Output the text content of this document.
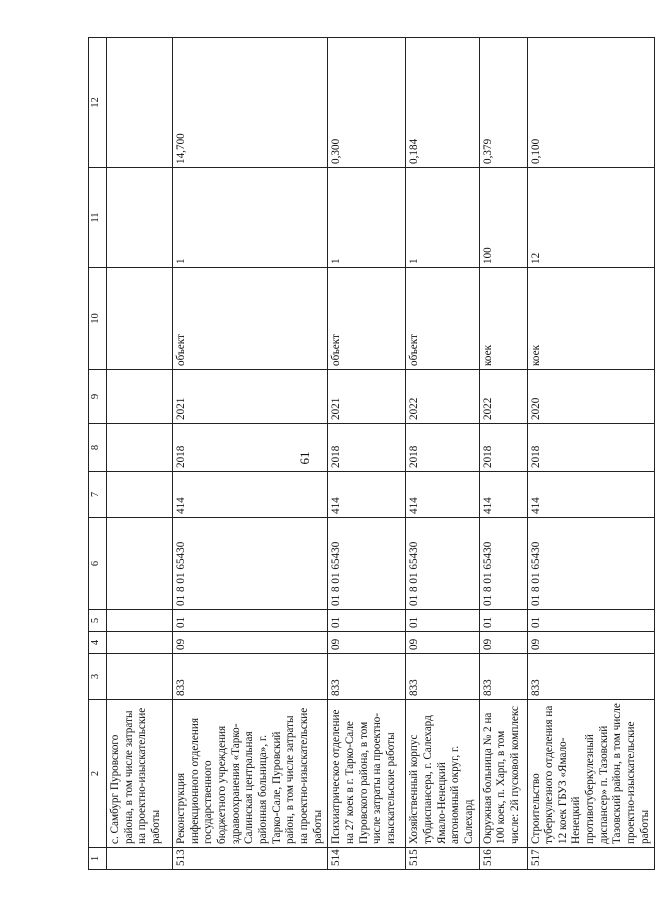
61
1	2	3	4	5	6	7	8	9	10	11	12
	с. Самбург Пуровского района, в том числе затраты на проектно-изыскательские работы										
513	Реконструкция инфекционного отделения государственного бюджетного учреждения здравоохранения «Тарко-Салинская центральная районная больница», г. Тарко-Сале, Пуровский район, в том числе затраты на проектно-изыскательские работы	833	09	01	01 8 01 65430	414	2018	2021	объект	1	14,700
514	Психиатрическое отделение на 27 коек в г. Тарко-Сале Пуровского района, в том числе затраты на проектно-изыскательские работы	833	09	01	01 8 01 65430	414	2018	2021	объект	1	0,300
515	Хозяйственный корпус тубдиспансера, г. Салехард Ямало-Ненецкий автономный округ, г. Салехард	833	09	01	01 8 01 65430	414	2018	2022	объект	1	0,184
516	Окружная больница № 2 на 100 коек, п. Харп, в том числе: 2й пусковой комплекс	833	09	01	01 8 01 65430	414	2018	2022	коек	100	0,379
517	Строительство туберкулезного отделения на 12 коек ГБУЗ «Ямало-Ненецкий противотуберкулезный диспансер» п. Тазовский Тазовский район, в том числе проектно-изыскательские работы	833	09	01	01 8 01 65430	414	2018	2020	коек	12	0,100
